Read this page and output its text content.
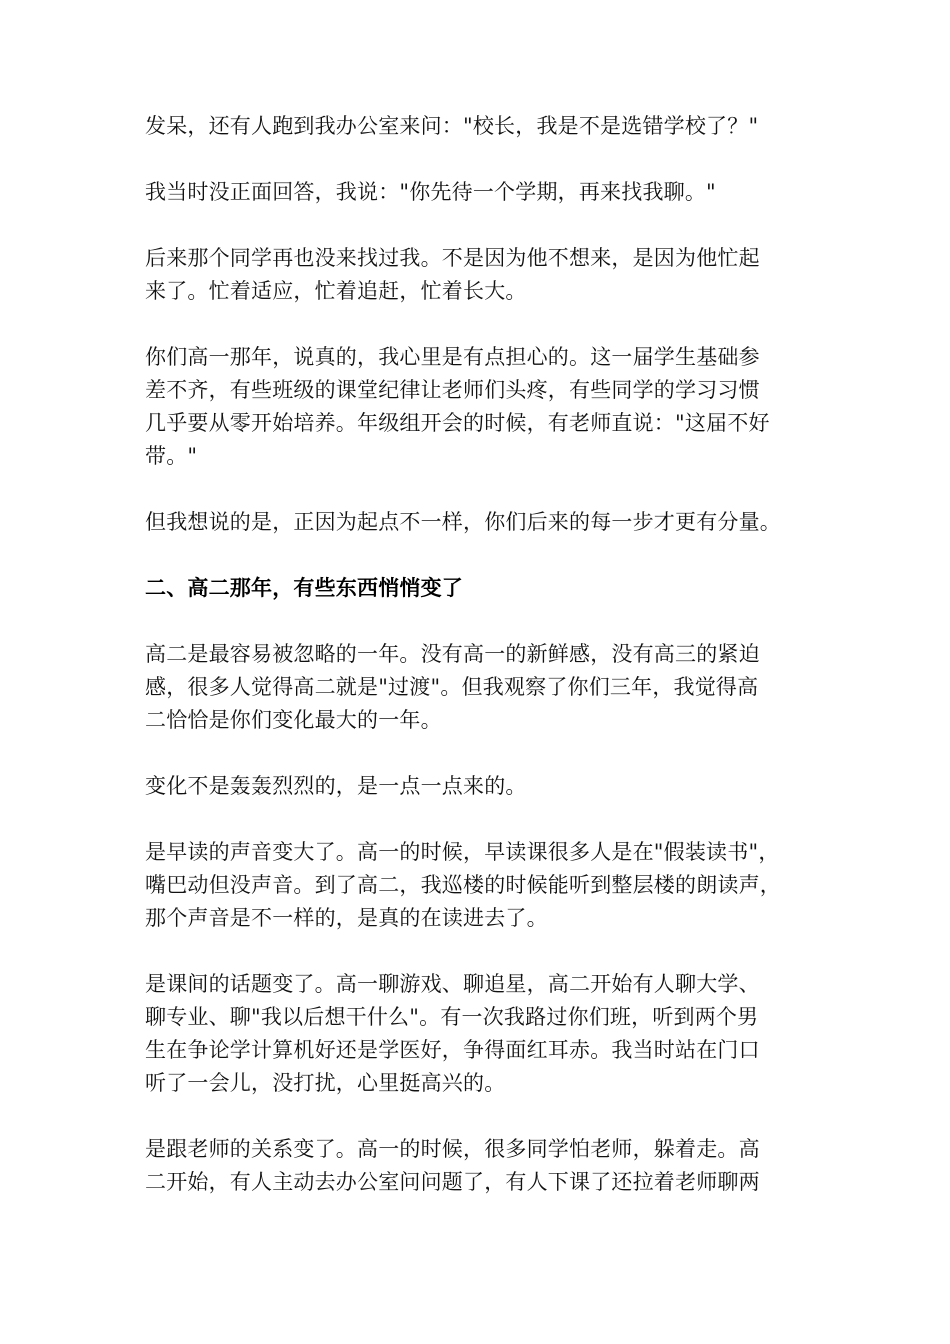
发呆，还有人跑到我办公室来问："校长，我是不是选错学校了？"
我当时没正面回答，我说："你先待一个学期，再来找我聊。"
后来那个同学再也没来找过我。不是因为他不想来，是因为他忙起
来了。忙着适应，忙着追赶，忙着长大。
你们高一那年，说真的，我心里是有点担心的。这一届学生基础参
差不齐，有些班级的课堂纪律让老师们头疼，有些同学的学习习惯
几乎要从零开始培养。年级组开会的时候，有老师直说："这届不好
带。"
但我想说的是，正因为起点不一样，你们后来的每一步才更有分量。
二、高二那年，有些东西悄悄变了
高二是最容易被忽略的一年。没有高一的新鲜感，没有高三的紧迫
感，很多人觉得高二就是"过渡"。但我观察了你们三年，我觉得高
二恰恰是你们变化最大的一年。
变化不是轰轰烈烈的，是一点一点来的。
是早读的声音变大了。高一的时候，早读课很多人是在"假装读书"，
嘴巴动但没声音。到了高二，我巡楼的时候能听到整层楼的朗读声，
那个声音是不一样的，是真的在读进去了。
是课间的话题变了。高一聊游戏、聊追星，高二开始有人聊大学、
聊专业、聊"我以后想干什么"。有一次我路过你们班，听到两个男
生在争论学计算机好还是学医好，争得面红耳赤。我当时站在门口
听了一会儿，没打扰，心里挺高兴的。
是跟老师的关系变了。高一的时候，很多同学怕老师，躲着走。高
二开始，有人主动去办公室问问题了，有人下课了还拉着老师聊两
